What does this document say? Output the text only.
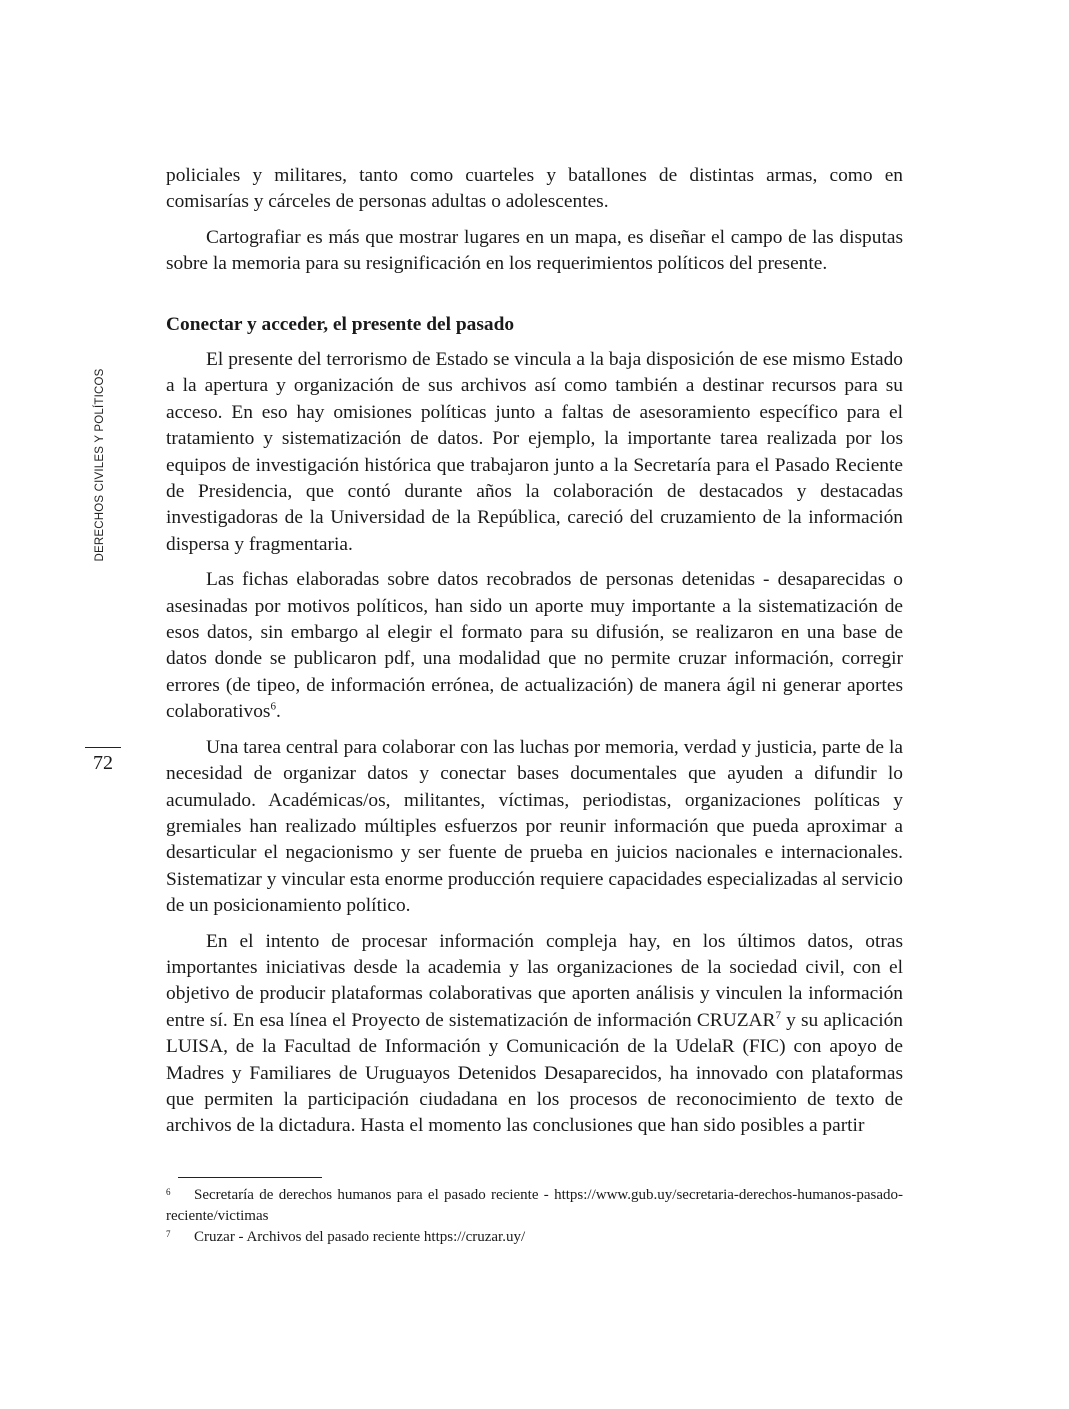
DERECHOS CIVILES Y POLÍTICOS
72

policiales y militares, tanto como cuarteles y batallones de distintas armas, como en comisarías y cárceles de personas adultas o adolescentes.

Cartografiar es más que mostrar lugares en un mapa, es diseñar el campo de las disputas sobre la memoria para su resignificación en los requerimientos políticos del presente.

Conectar y acceder, el presente del pasado

El presente del terrorismo de Estado se vincula a la baja disposición de ese mismo Estado a la apertura y organización de sus archivos así como también a destinar recursos para su acceso. En eso hay omisiones políticas junto a faltas de asesoramiento específico para el tratamiento y sistematización de datos. Por ejemplo, la importante tarea realizada por los equipos de investigación histórica que trabajaron junto a la Secretaría para el Pasado Reciente de Presidencia, que contó durante años la colaboración de destacados y destacadas investigadoras de la Universidad de la República, careció del cruzamiento de la información dispersa y fragmentaria.

Las fichas elaboradas sobre datos recobrados de personas detenidas - desaparecidas o asesinadas por motivos políticos, han sido un aporte muy importante a la sistematización de esos datos, sin embargo al elegir el formato para su difusión, se realizaron en una base de datos donde se publicaron pdf, una modalidad que no permite cruzar información, corregir errores (de tipeo, de información errónea, de actualización) de manera ágil ni generar aportes colaborativos$^6$.

Una tarea central para colaborar con las luchas por memoria, verdad y justicia, parte de la necesidad de organizar datos y conectar bases documentales que ayuden a difundir lo acumulado. Académicas/os, militantes, víctimas, periodistas, organizaciones políticas y gremiales han realizado múltiples esfuerzos por reunir información que pueda aproximar a desarticular el negacionismo y ser fuente de prueba en juicios nacionales e internacionales. Sistematizar y vincular esta enorme producción requiere capacidades especializadas al servicio de un posicionamiento político.

En el intento de procesar información compleja hay, en los últimos datos, otras importantes iniciativas desde la academia y las organizaciones de la sociedad civil, con el objetivo de producir plataformas colaborativas que aporten análisis y vinculen la información entre sí. En esa línea el Proyecto de sistematización de información CRUZAR$^7$ y su aplicación LUISA, de la Facultad de Información y Comunicación de la UdelaR (FIC) con apoyo de Madres y Familiares de Uruguayos Detenidos Desaparecidos, ha innovado con plataformas que permiten la participación ciudadana en los procesos de reconocimiento de texto de archivos de la dictadura. Hasta el momento las conclusiones que han sido posibles a partir

6 Secretaría de derechos humanos para el pasado reciente - https://www.gub.uy/secretaria-derechos-humanos-pasado-reciente/victimas

7 Cruzar - Archivos del pasado reciente https://cruzar.uy/
